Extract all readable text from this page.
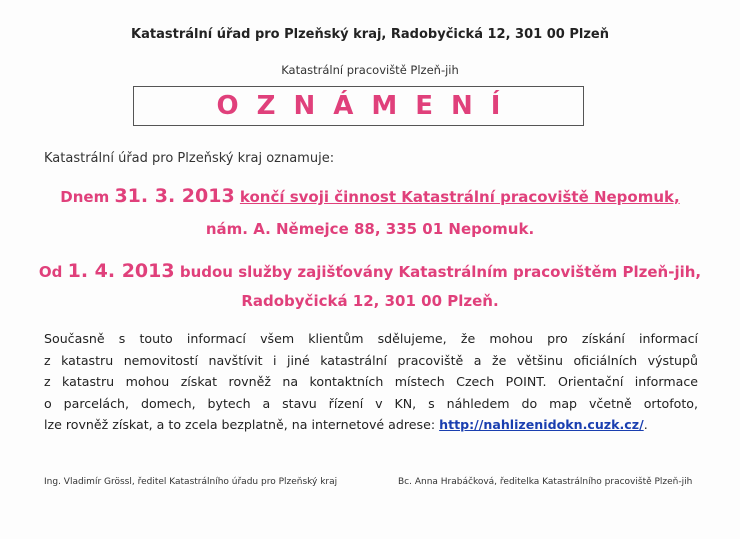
Katastrální úřad pro Plzeňský kraj, Radobyčická 12, 301 00 Plzeň
Katastrální pracoviště Plzeň-jih
OZNÁMENÍ
Katastrální úřad pro Plzeňský kraj oznamuje:
Dnem 31. 3. 2013 končí svoji činnost Katastrální pracoviště Nepomuk,
nám. A. Němejce 88, 335 01 Nepomuk.
Od 1. 4. 2013 budou služby zajišťovány Katastrálním pracovištěm Plzeň-jih,
Radobyčická 12, 301 00 Plzeň.
Současně s touto informací všem klientům sdělujeme, že mohou pro získání informací
z katastru nemovitostí navštívit i jiné katastrální pracoviště a že většinu oficiálních výstupů
z katastru mohou získat rovněž na kontaktních místech Czech POINT. Orientační informace
o parcelách, domech, bytech a stavu řízení v KN, s náhledem do map včetně ortofoto,
lze rovněž získat, a to zcela bezplatně, na internetové adrese: http://nahlizenidokn.cuzk.cz/.
Ing. Vladimír Grössl, ředitel Katastrálního úřadu pro Plzeňský kraj	Bc. Anna Hrabáčková, ředitelka Katastrálního pracoviště Plzeň-jih
